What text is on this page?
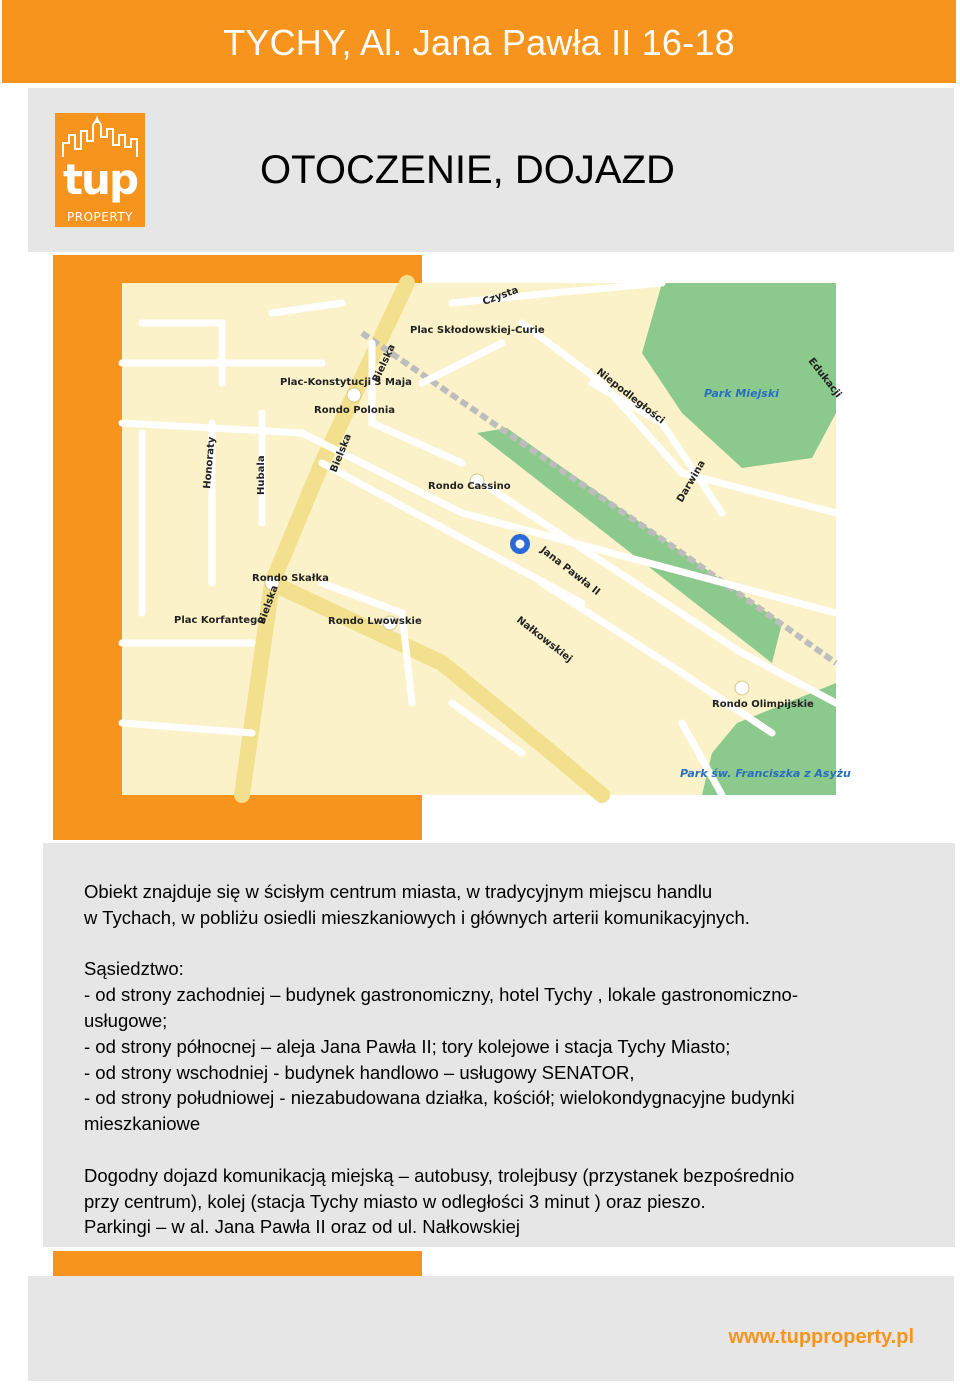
TYCHY, Al. Jana Pawła II 16-18
tup
PROPERTY
OTOCZENIE, DOJAZD
Czysta
Plac Skłodowskiej-Curie
Bielska
Plac-Konstytucji 3 Maja
Rondo Polonia	Niepodległości	Edukacji
Park Miejski
Honoraty	Hubala
Bielska
Rondo Cassino	Darwina
Jana Pawła II
Rondo Skałka
Plac Korfantego
Bielska	Rondo Lwowskie	Nałkowskiej
Rondo Olimpijskie
Park św. Franciszka z Asyżu

Obiekt znajduje się w ścisłym centrum miasta, w tradycyjnym miejscu handlu

w Tychach, w pobliżu osiedli mieszkaniowych i głównych arterii komunikacyjnych.

Sąsiedztwo:

- od strony zachodniej – budynek gastronomiczny, hotel Tychy , lokale gastronomiczno-

usługowe;

- od strony północnej – aleja Jana Pawła II; tory kolejowe i stacja Tychy Miasto;

- od strony wschodniej - budynek handlowo – usługowy SENATOR,

- od strony południowej - niezabudowana działka, kościół; wielokondygnacyjne budynki

mieszkaniowe

Dogodny dojazd komunikacją miejską – autobusy, trolejbusy (przystanek bezpośrednio

przy centrum), kolej (stacja Tychy miasto w odległości 3 minut ) oraz pieszo.

Parkingi – w al. Jana Pawła II oraz od ul. Nałkowskiej

www.tupproperty.pl
